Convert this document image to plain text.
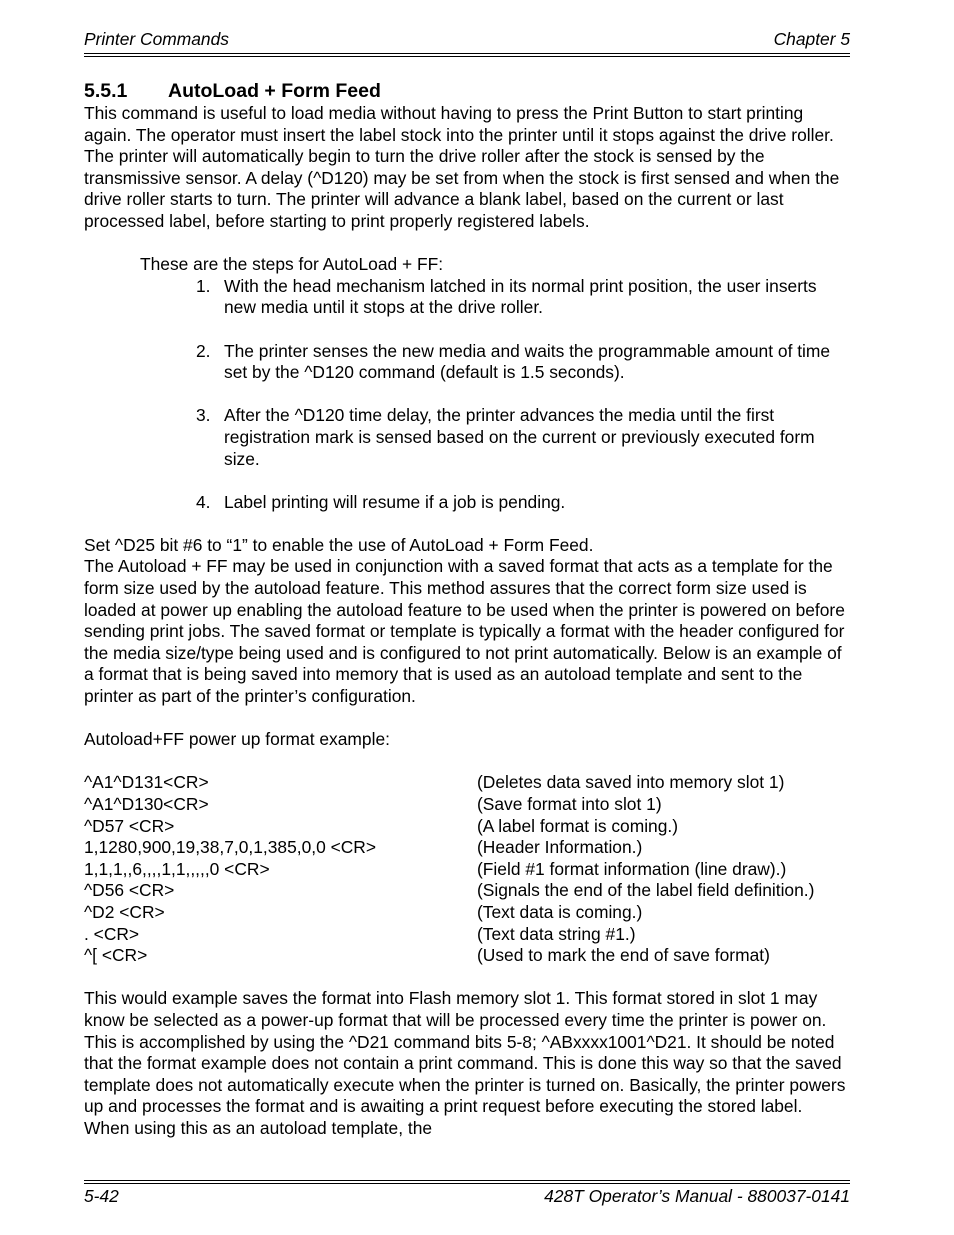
Printer Commands	Chapter 5
5.5.1 AutoLoad + Form Feed

This command is useful to load media without having to press the Print Button to start printing again. The operator must insert the label stock into the printer until it stops against the drive roller. The printer will automatically begin to turn the drive roller after the stock is sensed by the transmissive sensor. A delay (^D120) may be set from when the stock is first sensed and when the drive roller starts to turn. The printer will advance a blank label, based on the current or last processed label, before starting to print properly registered labels.

These are the steps for AutoLoad + FF:

1. With the head mechanism latched in its normal print position, the user inserts new media until it stops at the drive roller.
2. The printer senses the new media and waits the programmable amount of time set by the ^D120 command (default is 1.5 seconds).
3. After the ^D120 time delay, the printer advances the media until the first registration mark is sensed based on the current or previously executed form size.
4. Label printing will resume if a job is pending.

Set ^D25 bit #6 to “1” to enable the use of AutoLoad + Form Feed.

The Autoload + FF may be used in conjunction with a saved format that acts as a template for the form size used by the autoload feature. This method assures that the correct form size used is loaded at power up enabling the autoload feature to be used when the printer is powered on before sending print jobs. The saved format or template is typically a format with the header configured for the media size/type being used and is configured to not print automatically. Below is an example of a format that is being saved into memory that is used as an autoload template and sent to the printer as part of the printer’s configuration.

Autoload+FF power up format example:

^A1^D131<CR>	(Deletes data saved into memory slot 1)
^A1^D130<CR>	(Save format into slot 1)
^D57 <CR>	(A label format is coming.)
1,1280,900,19,38,7,0,1,385,0,0 <CR>	(Header Information.)
1,1,1,,6,,,,1,1,,,,,0 <CR>	(Field #1 format information (line draw).)
^D56 <CR>	(Signals the end of the label field definition.)
^D2 <CR>	(Text data is coming.)
. <CR>	(Text data string #1.)
^[ <CR>	(Used to mark the end of save format)

This would example saves the format into Flash memory slot 1. This format stored in slot 1 may know be selected as a power-up format that will be processed every time the printer is power on. This is accomplished by using the ^D21 command bits 5-8; ^ABxxxx1001^D21. It should be noted that the format example does not contain a print command. This is done this way so that the saved template does not automatically execute when the printer is turned on. Basically, the printer powers up and processes the format and is awaiting a print request before executing the stored label. When using this as an autoload template, the

5-42	428T Operator’s Manual - 880037-0141
